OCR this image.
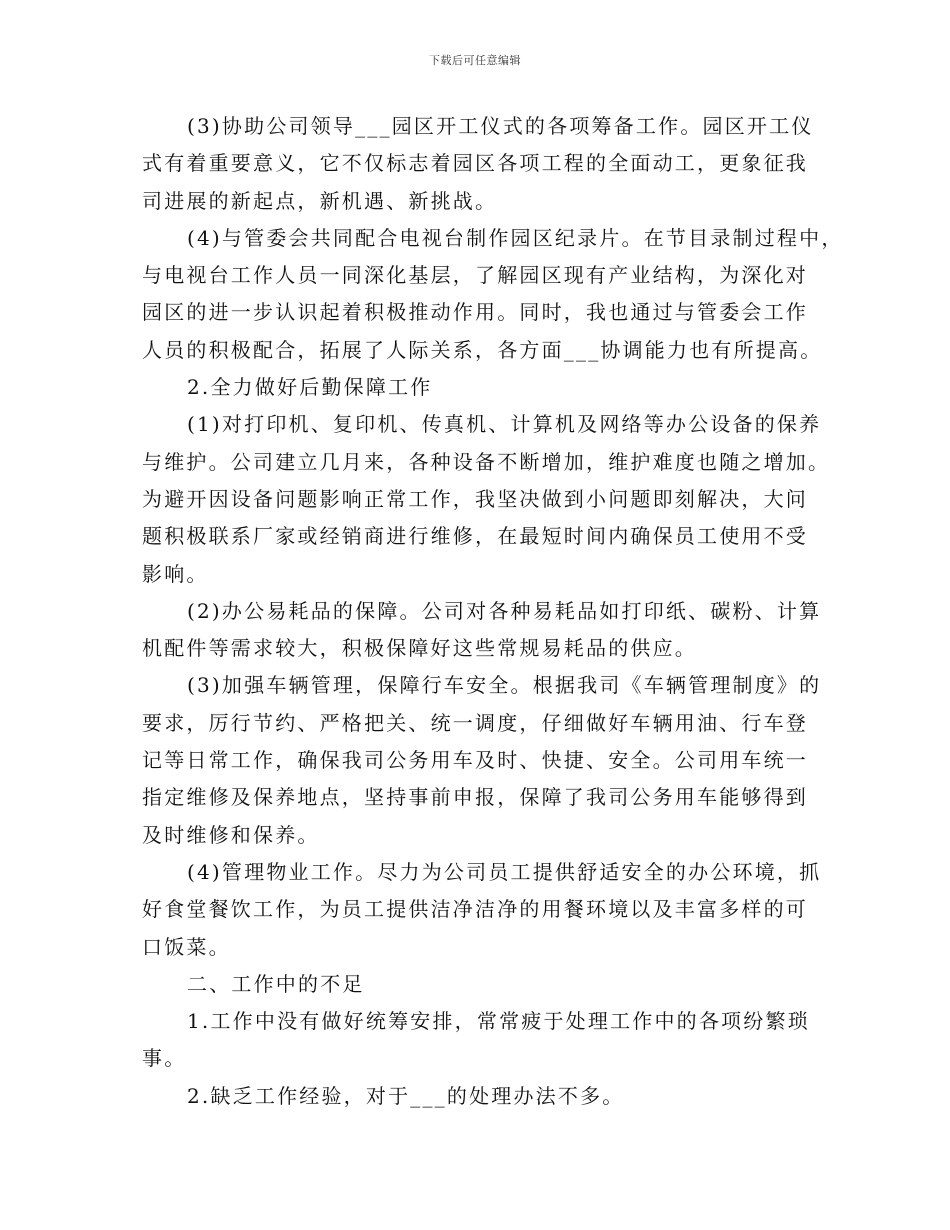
下载后可任意编辑
(3)协助公司领导___园区开工仪式的各项筹备工作。园区开工仪
式有着重要意义，它不仅标志着园区各项工程的全面动工，更象征我
司进展的新起点，新机遇、新挑战。
(4)与管委会共同配合电视台制作园区纪录片。在节目录制过程中，
与电视台工作人员一同深化基层，了解园区现有产业结构，为深化对
园区的进一步认识起着积极推动作用。同时，我也通过与管委会工作
人员的积极配合，拓展了人际关系，各方面___协调能力也有所提高。
2.全力做好后勤保障工作
(1)对打印机、复印机、传真机、计算机及网络等办公设备的保养
与维护。公司建立几月来，各种设备不断增加，维护难度也随之增加。
为避开因设备问题影响正常工作，我坚决做到小问题即刻解决，大问
题积极联系厂家或经销商进行维修，在最短时间内确保员工使用不受
影响。
(2)办公易耗品的保障。公司对各种易耗品如打印纸、碳粉、计算
机配件等需求较大，积极保障好这些常规易耗品的供应。
(3)加强车辆管理，保障行车安全。根据我司《车辆管理制度》的
要求，厉行节约、严格把关、统一调度，仔细做好车辆用油、行车登
记等日常工作，确保我司公务用车及时、快捷、安全。公司用车统一
指定维修及保养地点，坚持事前申报，保障了我司公务用车能够得到
及时维修和保养。
(4)管理物业工作。尽力为公司员工提供舒适安全的办公环境，抓
好食堂餐饮工作，为员工提供洁净洁净的用餐环境以及丰富多样的可
口饭菜。
二、工作中的不足
1.工作中没有做好统筹安排，常常疲于处理工作中的各项纷繁琐
事。
2.缺乏工作经验，对于___的处理办法不多。
